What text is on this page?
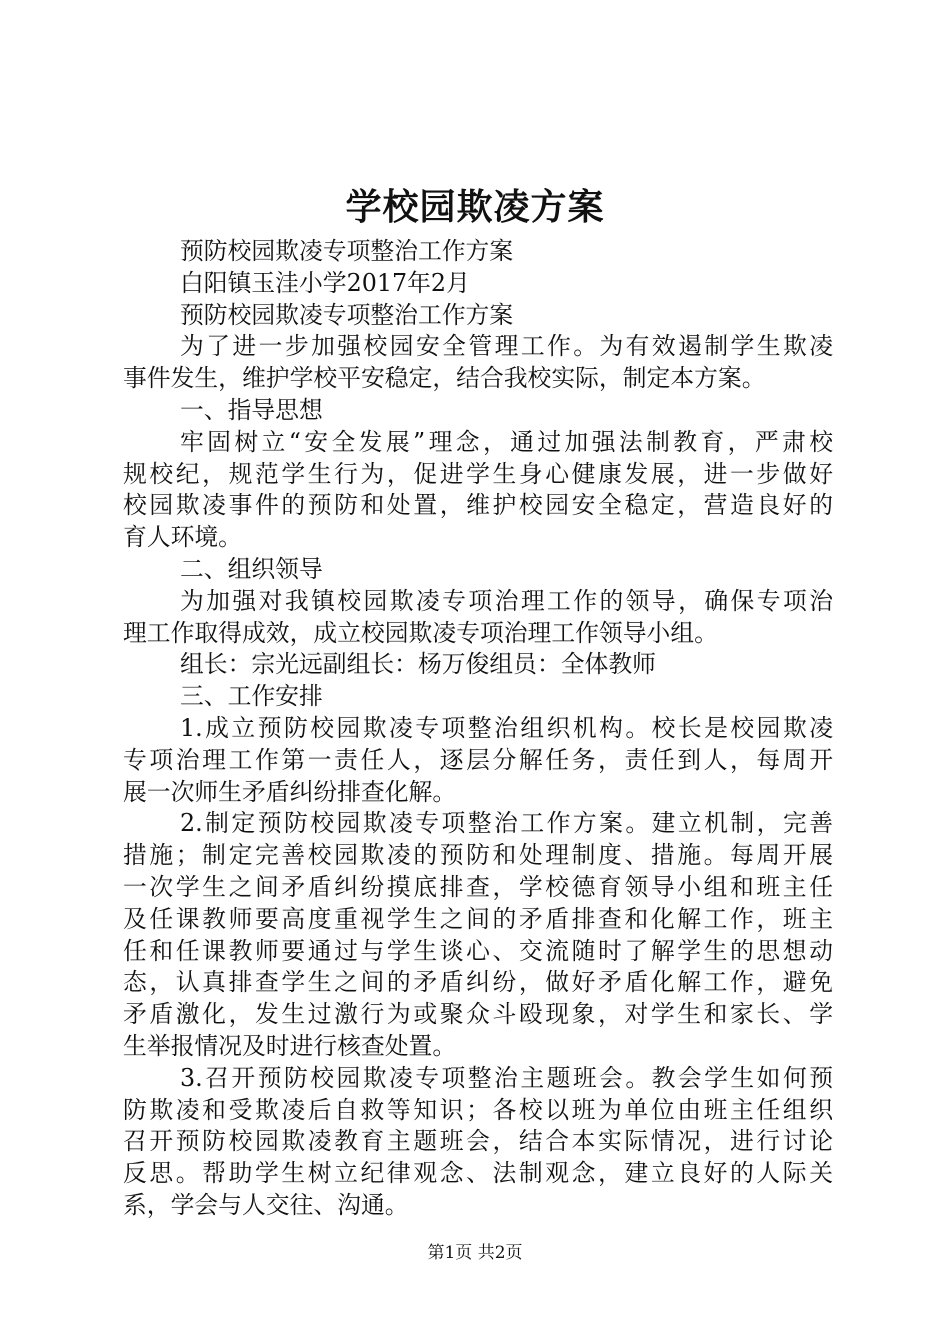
学校园欺凌方案
预防校园欺凌专项整治工作方案
白阳镇玉洼小学2017年2月
预防校园欺凌专项整治工作方案
为了进一步加强校园安全管理工作。为有效遏制学生欺凌
事件发生，维护学校平安稳定，结合我校实际，制定本方案。
一、指导思想
牢固树立“安全发展”理念，通过加强法制教育，严肃校
规校纪，规范学生行为，促进学生身心健康发展，进一步做好
校园欺凌事件的预防和处置，维护校园安全稳定，营造良好的
育人环境。
二、组织领导
为加强对我镇校园欺凌专项治理工作的领导，确保专项治
理工作取得成效，成立校园欺凌专项治理工作领导小组。
组长：宗光远副组长：杨万俊组员：全体教师
三、工作安排
1.成立预防校园欺凌专项整治组织机构。校长是校园欺凌
专项治理工作第一责任人，逐层分解任务，责任到人，每周开
展一次师生矛盾纠纷排查化解。
2.制定预防校园欺凌专项整治工作方案。建立机制，完善
措施；制定完善校园欺凌的预防和处理制度、措施。每周开展
一次学生之间矛盾纠纷摸底排查，学校德育领导小组和班主任
及任课教师要高度重视学生之间的矛盾排查和化解工作，班主
任和任课教师要通过与学生谈心、交流随时了解学生的思想动
态，认真排查学生之间的矛盾纠纷，做好矛盾化解工作，避免
矛盾激化，发生过激行为或聚众斗殴现象，对学生和家长、学
生举报情况及时进行核查处置。
3.召开预防校园欺凌专项整治主题班会。教会学生如何预
防欺凌和受欺凌后自救等知识；各校以班为单位由班主任组织
召开预防校园欺凌教育主题班会，结合本实际情况，进行讨论
反思。帮助学生树立纪律观念、法制观念，建立良好的人际关
系，学会与人交往、沟通。
第1页 共2页
